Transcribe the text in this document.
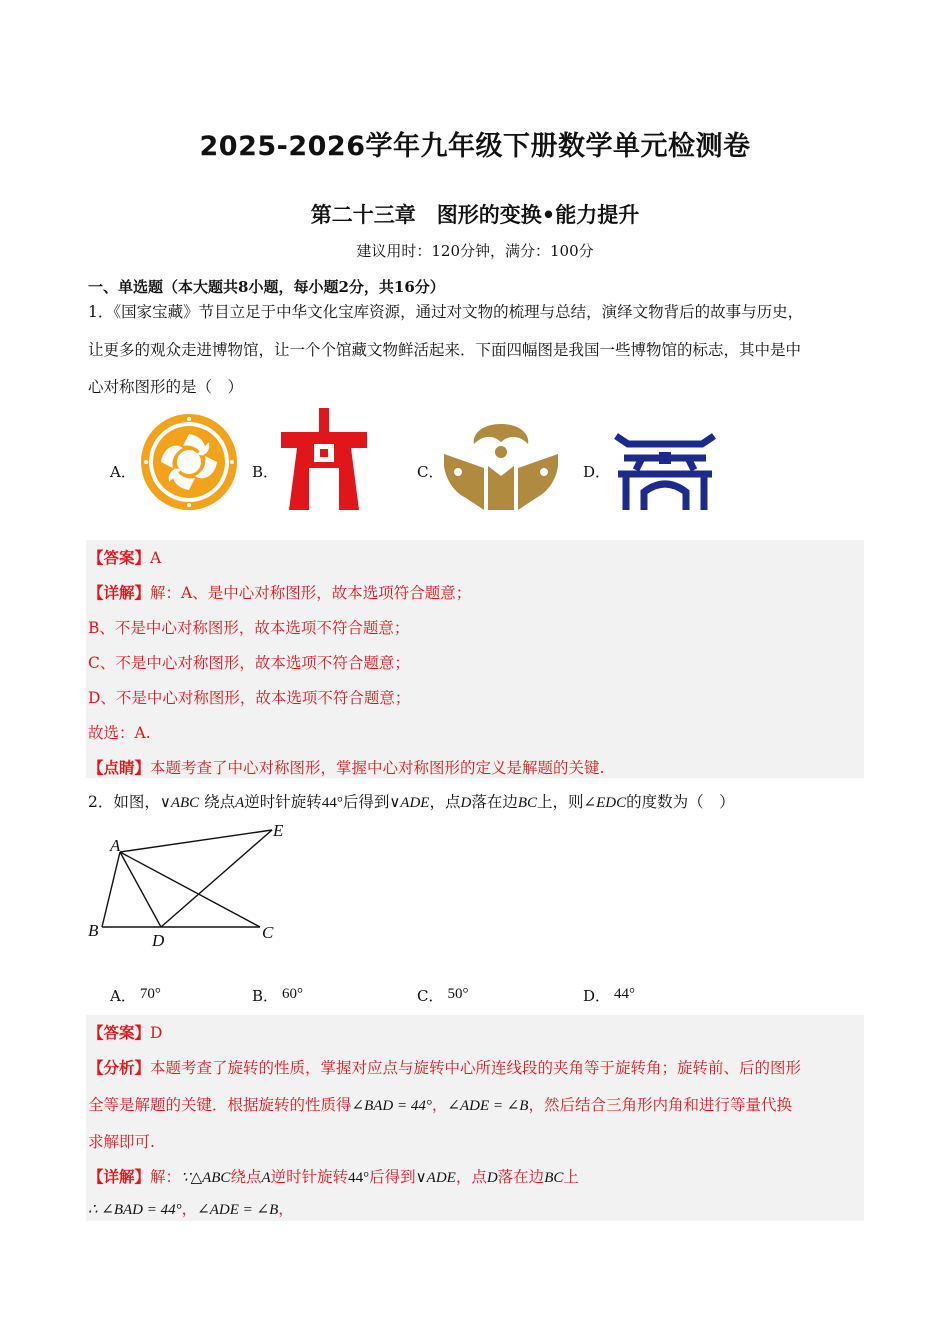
2025-2026学年九年级下册数学单元检测卷
第二十三章　图形的变换•能力提升
建议用时：120分钟，满分：100分
一、单选题（本大题共8小题，每小题2分，共16分）
1．《国家宝藏》节目立足于中华文化宝库资源，通过对文物的梳理与总结，演绎文物背后的故事与历史，
让更多的观众走进博物馆，让一个个馆藏文物鲜活起来．下面四幅图是我国一些博物馆的标志，其中是中
心对称图形的是（　）
A．	B．	C．	D．
【答案】A
【详解】解：A、是中心对称图形，故本选项符合题意；
B、不是中心对称图形，故本选项不符合题意；
C、不是中心对称图形，故本选项不符合题意；
D、不是中心对称图形，故本选项不符合题意；
故选：A.
【点睛】本题考查了中心对称图形，掌握中心对称图形的定义是解题的关键.
2．如图，∨ABC 绕点A逆时针旋转44°后得到∨ADE，点D落在边BC上，则∠EDC的度数为（　）
A
E
B
D	C
A． 70°	B． 60°	C． 50°	D． 44°
【答案】D
【分析】本题考查了旋转的性质，掌握对应点与旋转中心所连线段的夹角等于旋转角；旋转前、后的图形
全等是解题的关键．根据旋转的性质得∠BAD = 44°，∠ADE = ∠B，然后结合三角形内角和进行等量代换
求解即可.
【详解】解：∵△ABC绕点A逆时针旋转44°后得到∨ADE，点D落在边BC上
∴ ∠BAD = 44°，∠ADE = ∠B，
